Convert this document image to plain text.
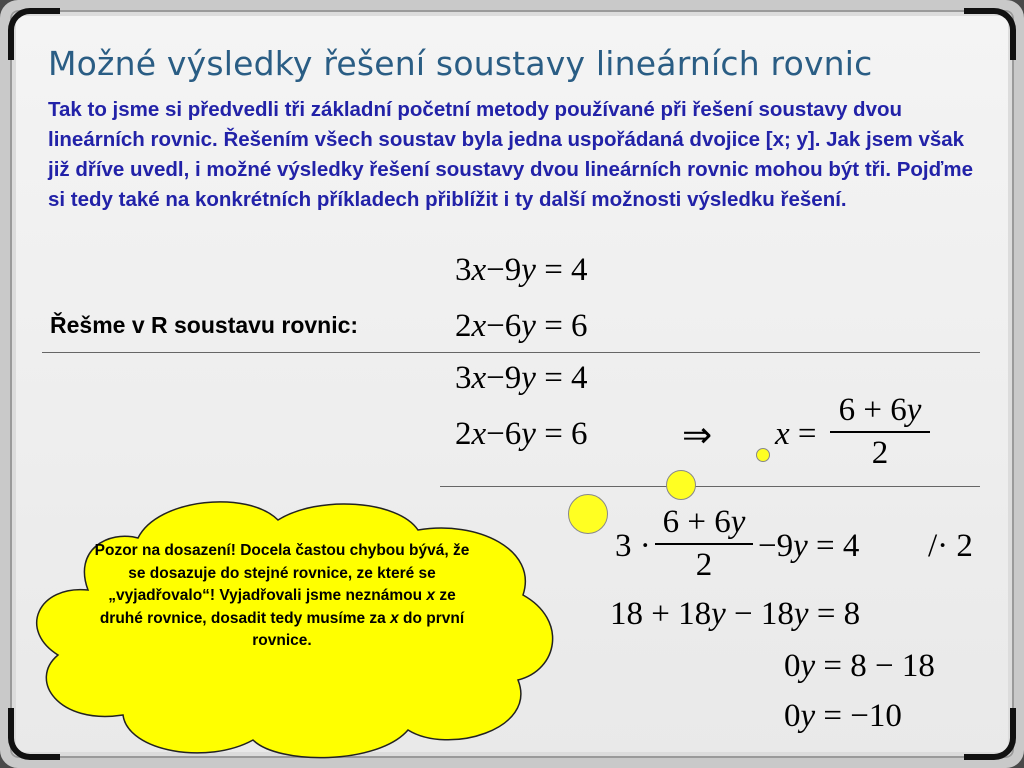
Možné výsledky řešení soustavy lineárních rovnic
Tak to jsme si předvedli tři základní početní metody používané při řešení soustavy dvou lineárních rovnic. Řešením všech soustav byla jedna uspořádaná dvojice [x; y]. Jak jsem však již dříve uvedl, i možné výsledky řešení soustavy dvou lineárních rovnic mohou být tři. Pojďme si tedy také na konkrétních příkladech přiblížit i ty další možnosti výsledku řešení.
3x−9y = 4
Řešme v R soustavu rovnic:	2x−6y = 6
3x−9y = 4
2x−6y = 6	⇒ x =
6 + 6y
2
3 ·
6 + 6y
2
−9y = 4 /· 2
18 + 18y − 18y = 8
0y = 8 − 18
0y = −10
Pozor na dosazení! Docela častou chybou bývá, že se dosazuje do stejné rovnice, ze které se „vyjadřovalo“! Vyjadřovali jsme neznámou x ze druhé rovnice, dosadit tedy musíme za x do první rovnice.
